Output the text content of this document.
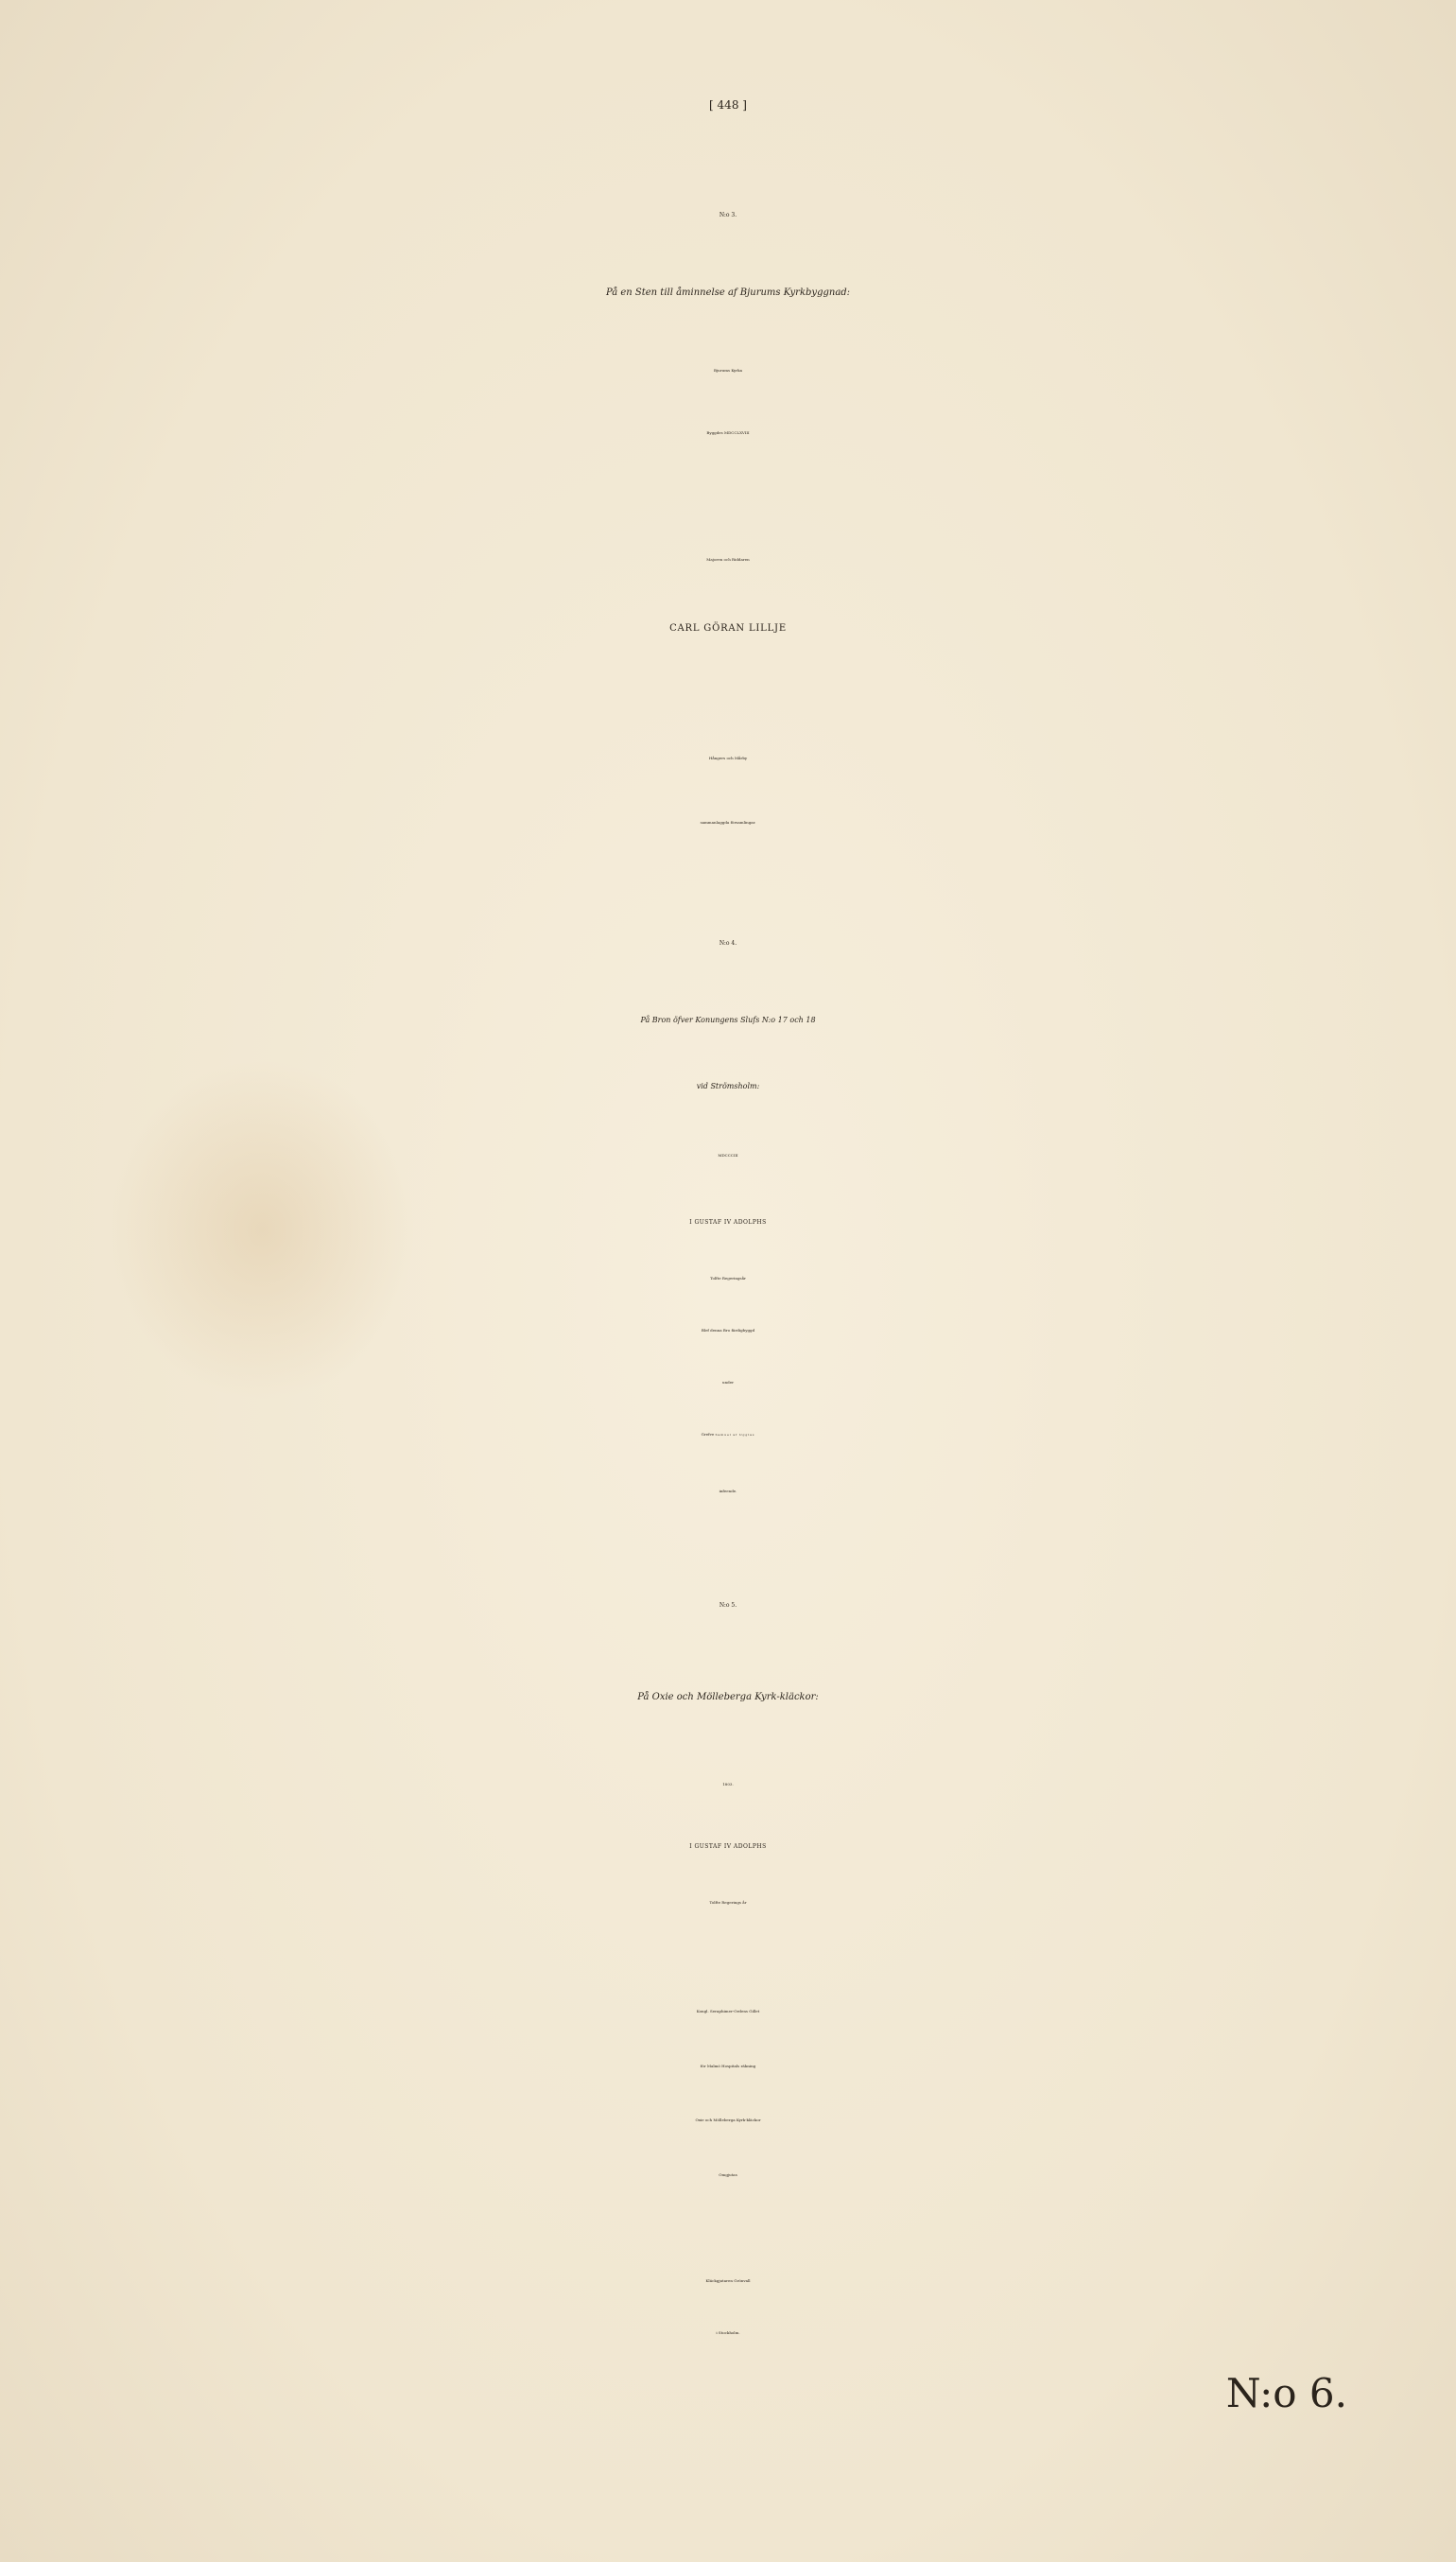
[ 448 ]
N:o 3.
På en Sten till åminnelse af Bjurums Kyrkbyggnad:
Bjurums Kyrka
Byggdes MDCCLXVIII
Majoren och Riddaren
CARL GÖRAN LILLJE
Hångers och Mårby
sammanlaggda församlingar.
N:o 4.
På Bron öfver Konungens Slufs N:o 17 och 18
vid Strömsholm:
MDCCCIII
I GUSTAF IV ADOLPHS
Tolfte Regeringsår
Blef denna Bro färdigbyggd
under
Grefve Samuel af Ugglas
infeende.
N:o 5.
På Oxie och Mölleberga Kyrk-kläckor:
1803.
I GUSTAF IV ADOLPHS
Tolfte Regerings år
Kongl. Seraphimer-Ordens Gillet
för Malmö Hospitals räkning
Oxie och Mölleberga Kyrk-kläckor
Omgjutas
Kläckgjutaren Grönvall
i Stockholm.
N:o 6.
